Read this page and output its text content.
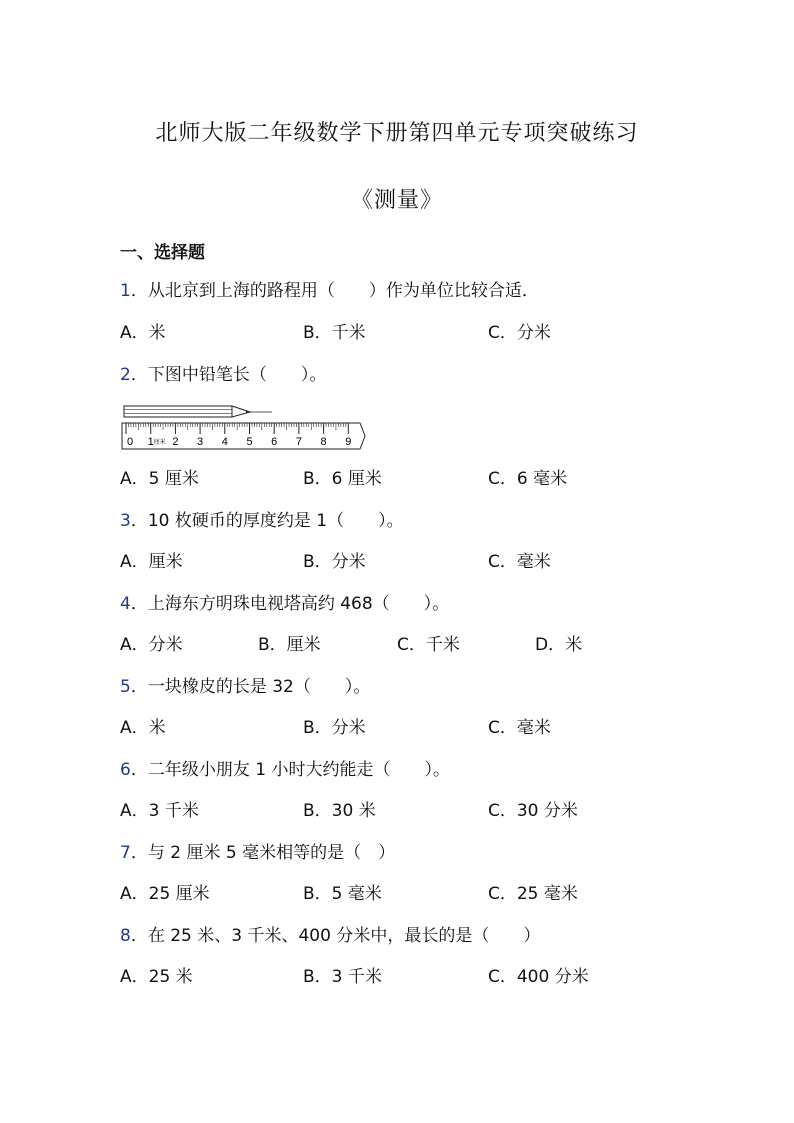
北师大版二年级数学下册第四单元专项突破练习
《测量》
一、选择题
1．从北京到上海的路程用（　　）作为单位比较合适．
A．米	B．千米	C．分米
2．下图中铅笔长（　　）。
0 1 2 3 4 5 6 7 8 9
厘米
A．5 厘米	B．6 厘米	C．6 毫米
3．10 枚硬币的厚度约是 1（　　）。
A．厘米	B．分米	C．毫米
4．上海东方明珠电视塔高约 468（　　）。
A．分米	B．厘米	C．千米	D．米
5．一块橡皮的长是 32（　　）。
A．米	B．分米	C．毫米
6．二年级小朋友 1 小时大约能走（　　）。
A．3 千米	B．30 米	C．30 分米
7．与 2 厘米 5 毫米相等的是（　）
A．25 厘米	B．5 毫米	C．25 毫米
8．在 25 米、3 千米、400 分米中，最长的是（　　）
A．25 米	B．3 千米	C．400 分米
